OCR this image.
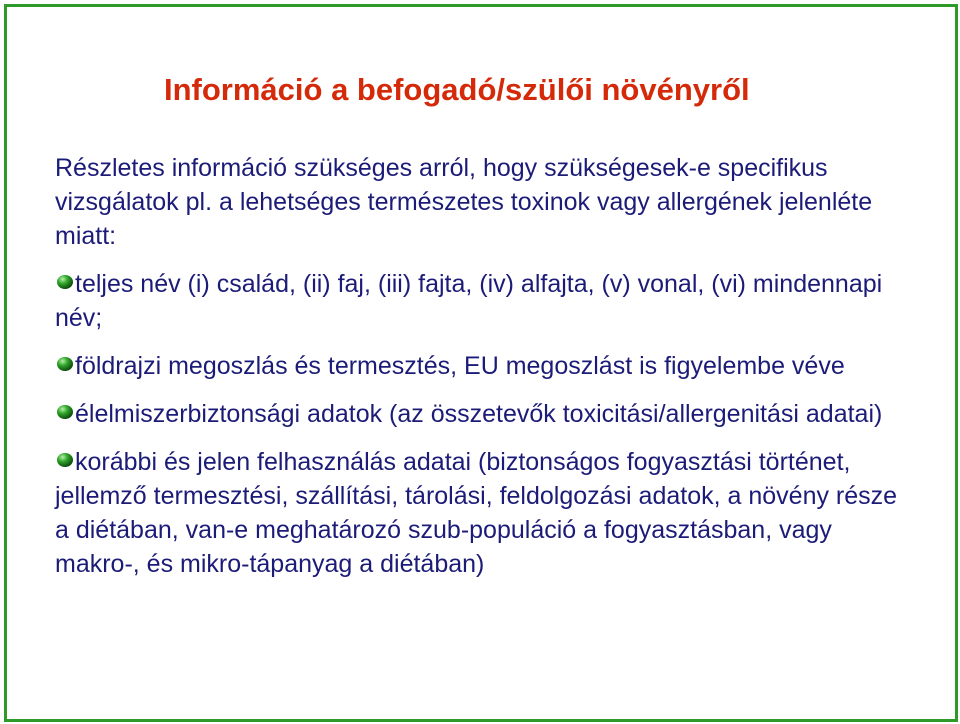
Információ a befogadó/szülői növényről

Részletes információ szükséges arról, hogy szükségesek-e specifikus vizsgálatok pl. a lehetséges természetes toxinok vagy allergének jelenléte miatt:

teljes név (i) család, (ii) faj, (iii) fajta, (iv) alfajta, (v) vonal, (vi) mindennapi név;
földrajzi megoszlás és termesztés, EU megoszlást is figyelembe véve
élelmiszerbiztonsági adatok (az összetevők toxicitási/allergenitási adatai)
korábbi és jelen felhasználás adatai (biztonságos fogyasztási történet, jellemző termesztési, szállítási, tárolási, feldolgozási adatok, a növény része a diétában, van-e meghatározó szub-populáció a fogyasztásban, vagy makro-, és mikro-tápanyag a diétában)
